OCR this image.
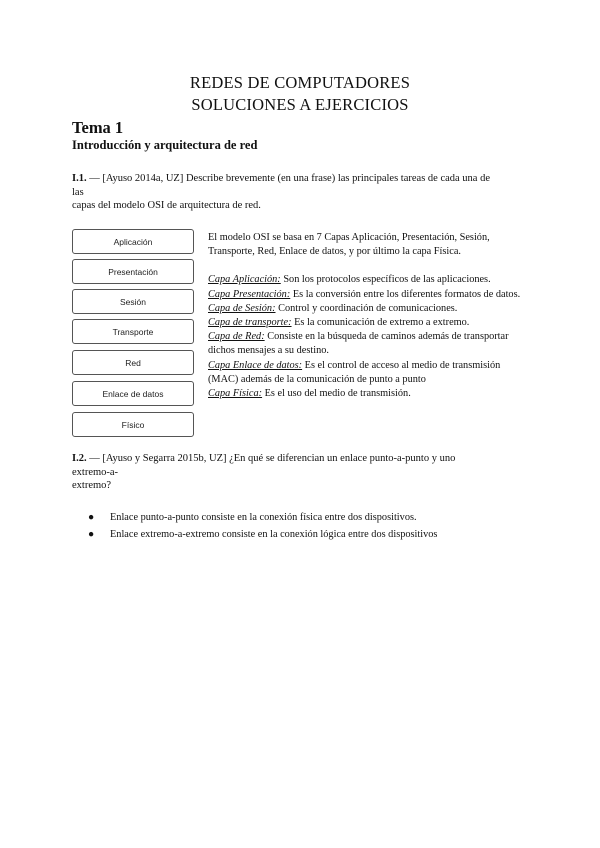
REDES DE COMPUTADORES
SOLUCIONES A EJERCICIOS
Tema 1
Introducción y arquitectura de red
I.1. — [Ayuso 2014a, UZ] Describe brevemente (en una frase) las principales tareas de cada una de
las
capas del modelo OSI de arquitectura de red.
Aplicación
Presentación
Sesión
Transporte
Red
Enlace de datos
Físico

El modelo OSI se basa en 7 Capas Aplicación, Presentación, Sesión, Transporte, Red, Enlace de datos, y por último la capa Física.

Capa Aplicación: Son los protocolos específicos de las aplicaciones.

Capa Presentación: Es la conversión entre los diferentes formatos de datos.

Capa de Sesión: Control y coordinación de comunicaciones.

Capa de transporte: Es la comunicación de extremo a extremo.

Capa de Red: Consiste en la búsqueda de caminos además de transportar dichos mensajes a su destino.

Capa Enlace de datos: Es el control de acceso al medio de transmisión (MAC) además de la comunicación de punto a punto

Capa Física: Es el uso del medio de transmisión.

I.2. — [Ayuso y Segarra 2015b, UZ] ¿En qué se diferencian un enlace punto-a-punto y uno
extremo-a-
extremo?
● Enlace punto-a-punto consiste en la conexión física entre dos dispositivos.
● Enlace extremo-a-extremo consiste en la conexión lógica entre dos dispositivos
